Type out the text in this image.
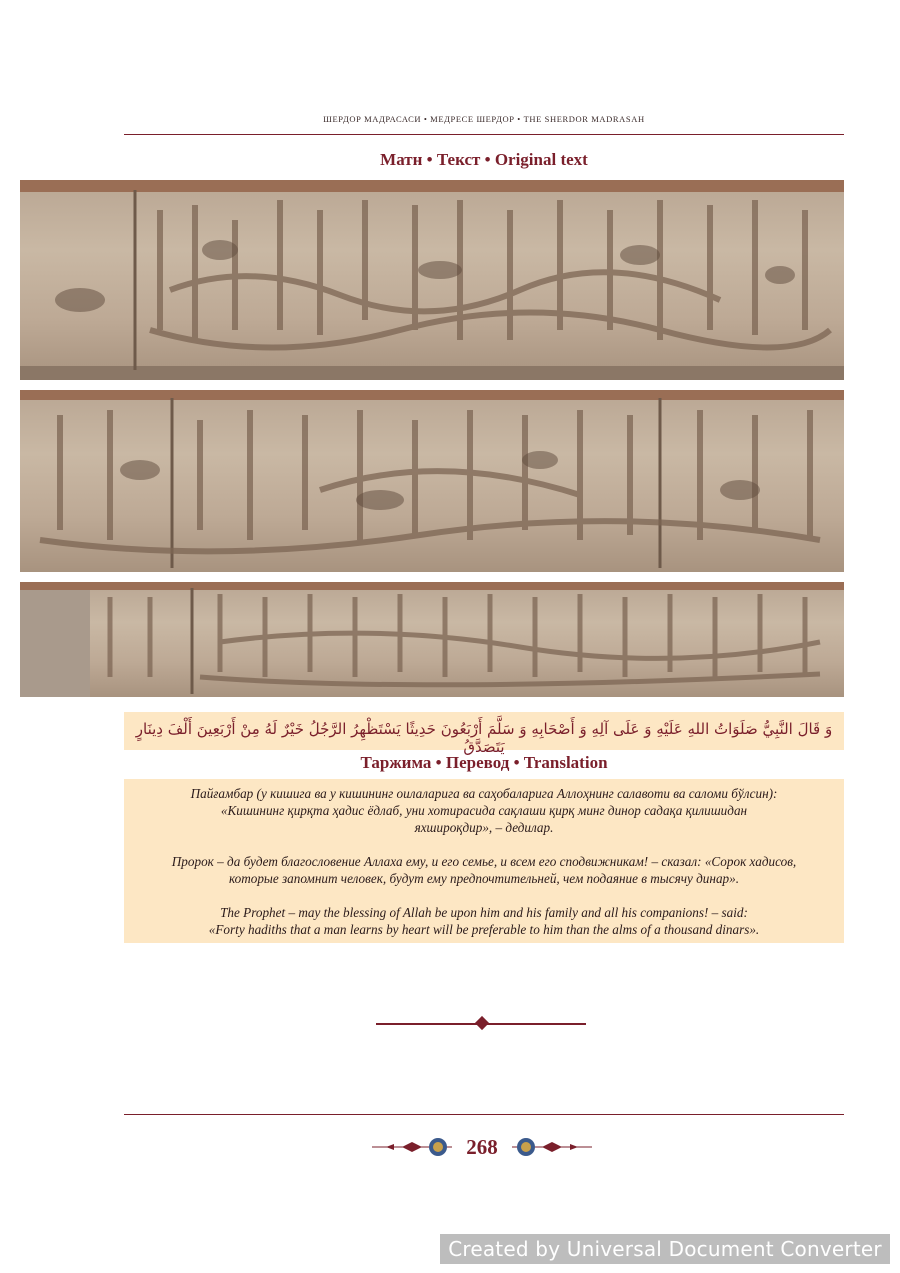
ШЕРДОР МАДРАСАСИ • МЕДРЕСЕ ШЕРДОР • THE SHERDOR MADRASAH
Матн • Текст • Original text
وَ قَالَ النَّبِيُّ صَلَوَاتُ اللهِ عَلَيْهِ وَ عَلَى آلِهِ وَ أَصْحَابِهِ وَ سَلَّمَ أَرْبَعُونَ حَدِيثًا يَسْتَظْهِرُ الرَّجُلُ خَيْرٌ لَهُ مِنْ أَرْبَعِينَ أَلْفَ دِينَارٍ يَتَصَدَّقُ
Таржима • Перевод • Translation

Пайғамбар (у кишига ва у кишининг оилаларига ва саҳобаларига Аллоҳнинг салавоти ва саломи бўлсин):

«Кишининг қирқта ҳадис ёдлаб, уни хотирасида сақлаши қирқ минг динор садақа қилишидан

яхшироқдир», – дедилар.

Пророк – да будет благословение Аллаха ему, и его семье, и всем его сподвижникам! – сказал: «Сорок хадисов,

которые запомнит человек, будут ему предпочтительней, чем подаяние в тысячу динар».

The Prophet – may the blessing of Allah be upon him and his family and all his companions! – said:

«Forty hadiths that a man learns by heart will be preferable to him than the alms of a thousand dinars».

268
Created by Universal Document Converter
